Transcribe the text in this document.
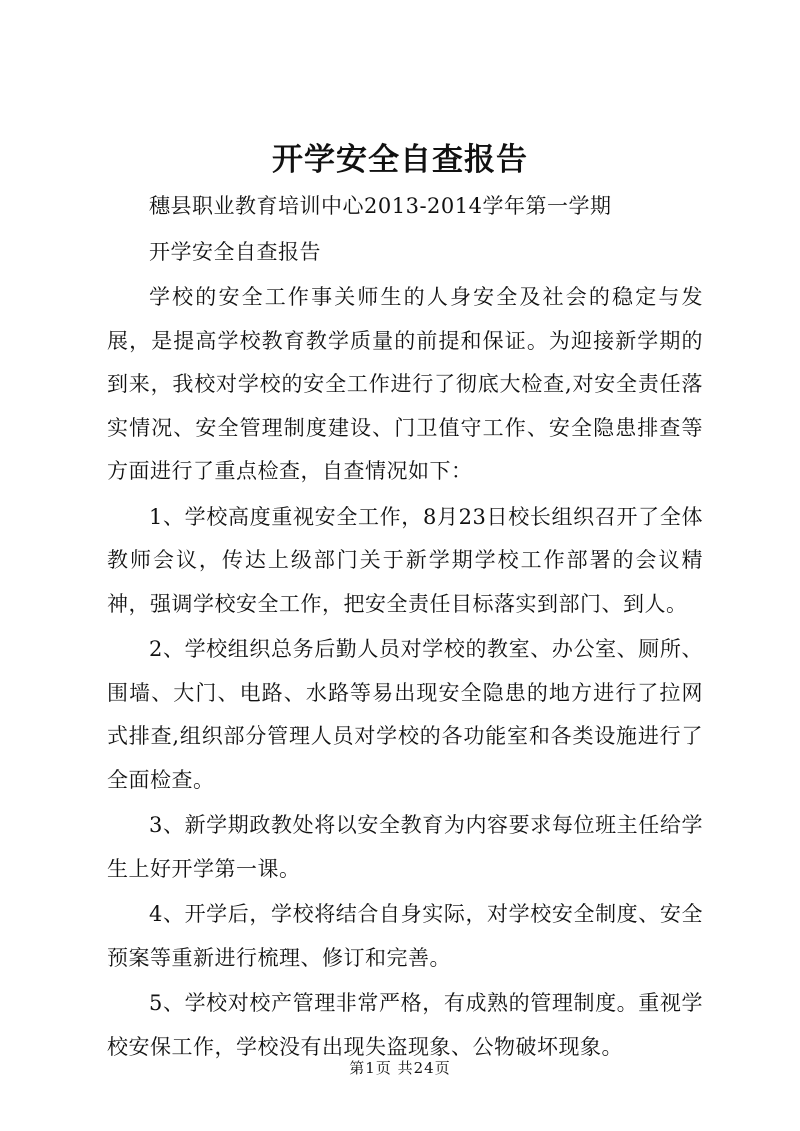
开学安全自查报告

穗县职业教育培训中心2013-2014学年第一学期

开学安全自查报告

学校的安全工作事关师生的人身安全及社会的稳定与发展，是提高学校教育教学质量的前提和保证。为迎接新学期的到来，我校对学校的安全工作进行了彻底大检查,对安全责任落实情况、安全管理制度建设、门卫值守工作、安全隐患排查等方面进行了重点检查，自查情况如下：

1、学校高度重视安全工作，8月23日校长组织召开了全体教师会议，传达上级部门关于新学期学校工作部署的会议精神，强调学校安全工作，把安全责任目标落实到部门、到人。

2、学校组织总务后勤人员对学校的教室、办公室、厕所、围墙、大门、电路、水路等易出现安全隐患的地方进行了拉网式排查,组织部分管理人员对学校的各功能室和各类设施进行了全面检查。

3、新学期政教处将以安全教育为内容要求每位班主任给学生上好开学第一课。

4、开学后，学校将结合自身实际，对学校安全制度、安全预案等重新进行梳理、修订和完善。

5、学校对校产管理非常严格，有成熟的管理制度。重视学校安保工作，学校没有出现失盗现象、公物破坏现象。

第1页 共24页
